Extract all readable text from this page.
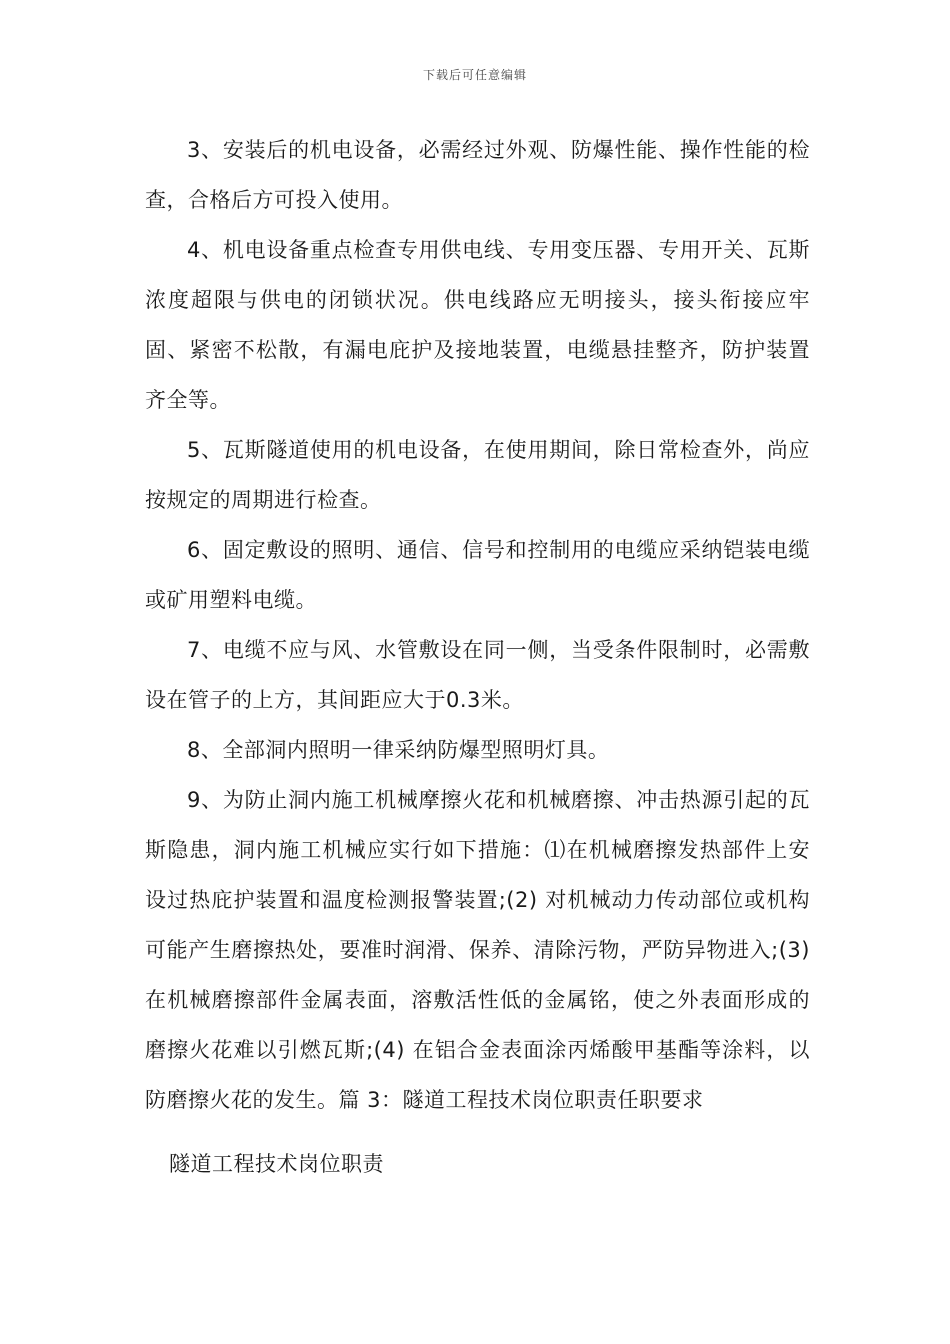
下载后可任意编辑

3、安装后的机电设备，必需经过外观、防爆性能、操作性能的检查，合格后方可投入使用。

4、机电设备重点检查专用供电线、专用变压器、专用开关、瓦斯浓度超限与供电的闭锁状况。供电线路应无明接头，接头衔接应牢固、紧密不松散，有漏电庇护及接地装置，电缆悬挂整齐，防护装置齐全等。

5、瓦斯隧道使用的机电设备，在使用期间，除日常检查外，尚应按规定的周期进行检查。

6、固定敷设的照明、通信、信号和控制用的电缆应采纳铠装电缆或矿用塑料电缆。

7、电缆不应与风、水管敷设在同一侧，当受条件限制时，必需敷设在管子的上方，其间距应大于0.3米。

8、全部洞内照明一律采纳防爆型照明灯具。

9、为防止洞内施工机械摩擦火花和机械磨擦、冲击热源引起的瓦斯隐患，洞内施工机械应实行如下措施：⑴在机械磨擦发热部件上安设过热庇护装置和温度检测报警装置;(2) 对机械动力传动部位或机构可能产生磨擦热处，要准时润滑、保养、清除污物，严防异物进入;(3) 在机械磨擦部件金属表面，溶敷活性低的金属铭，使之外表面形成的磨擦火花难以引燃瓦斯;(4) 在铝合金表面涂丙烯酸甲基酯等涂料，以防磨擦火花的发生。篇 3：隧道工程技术岗位职责任职要求

隧道工程技术岗位职责
